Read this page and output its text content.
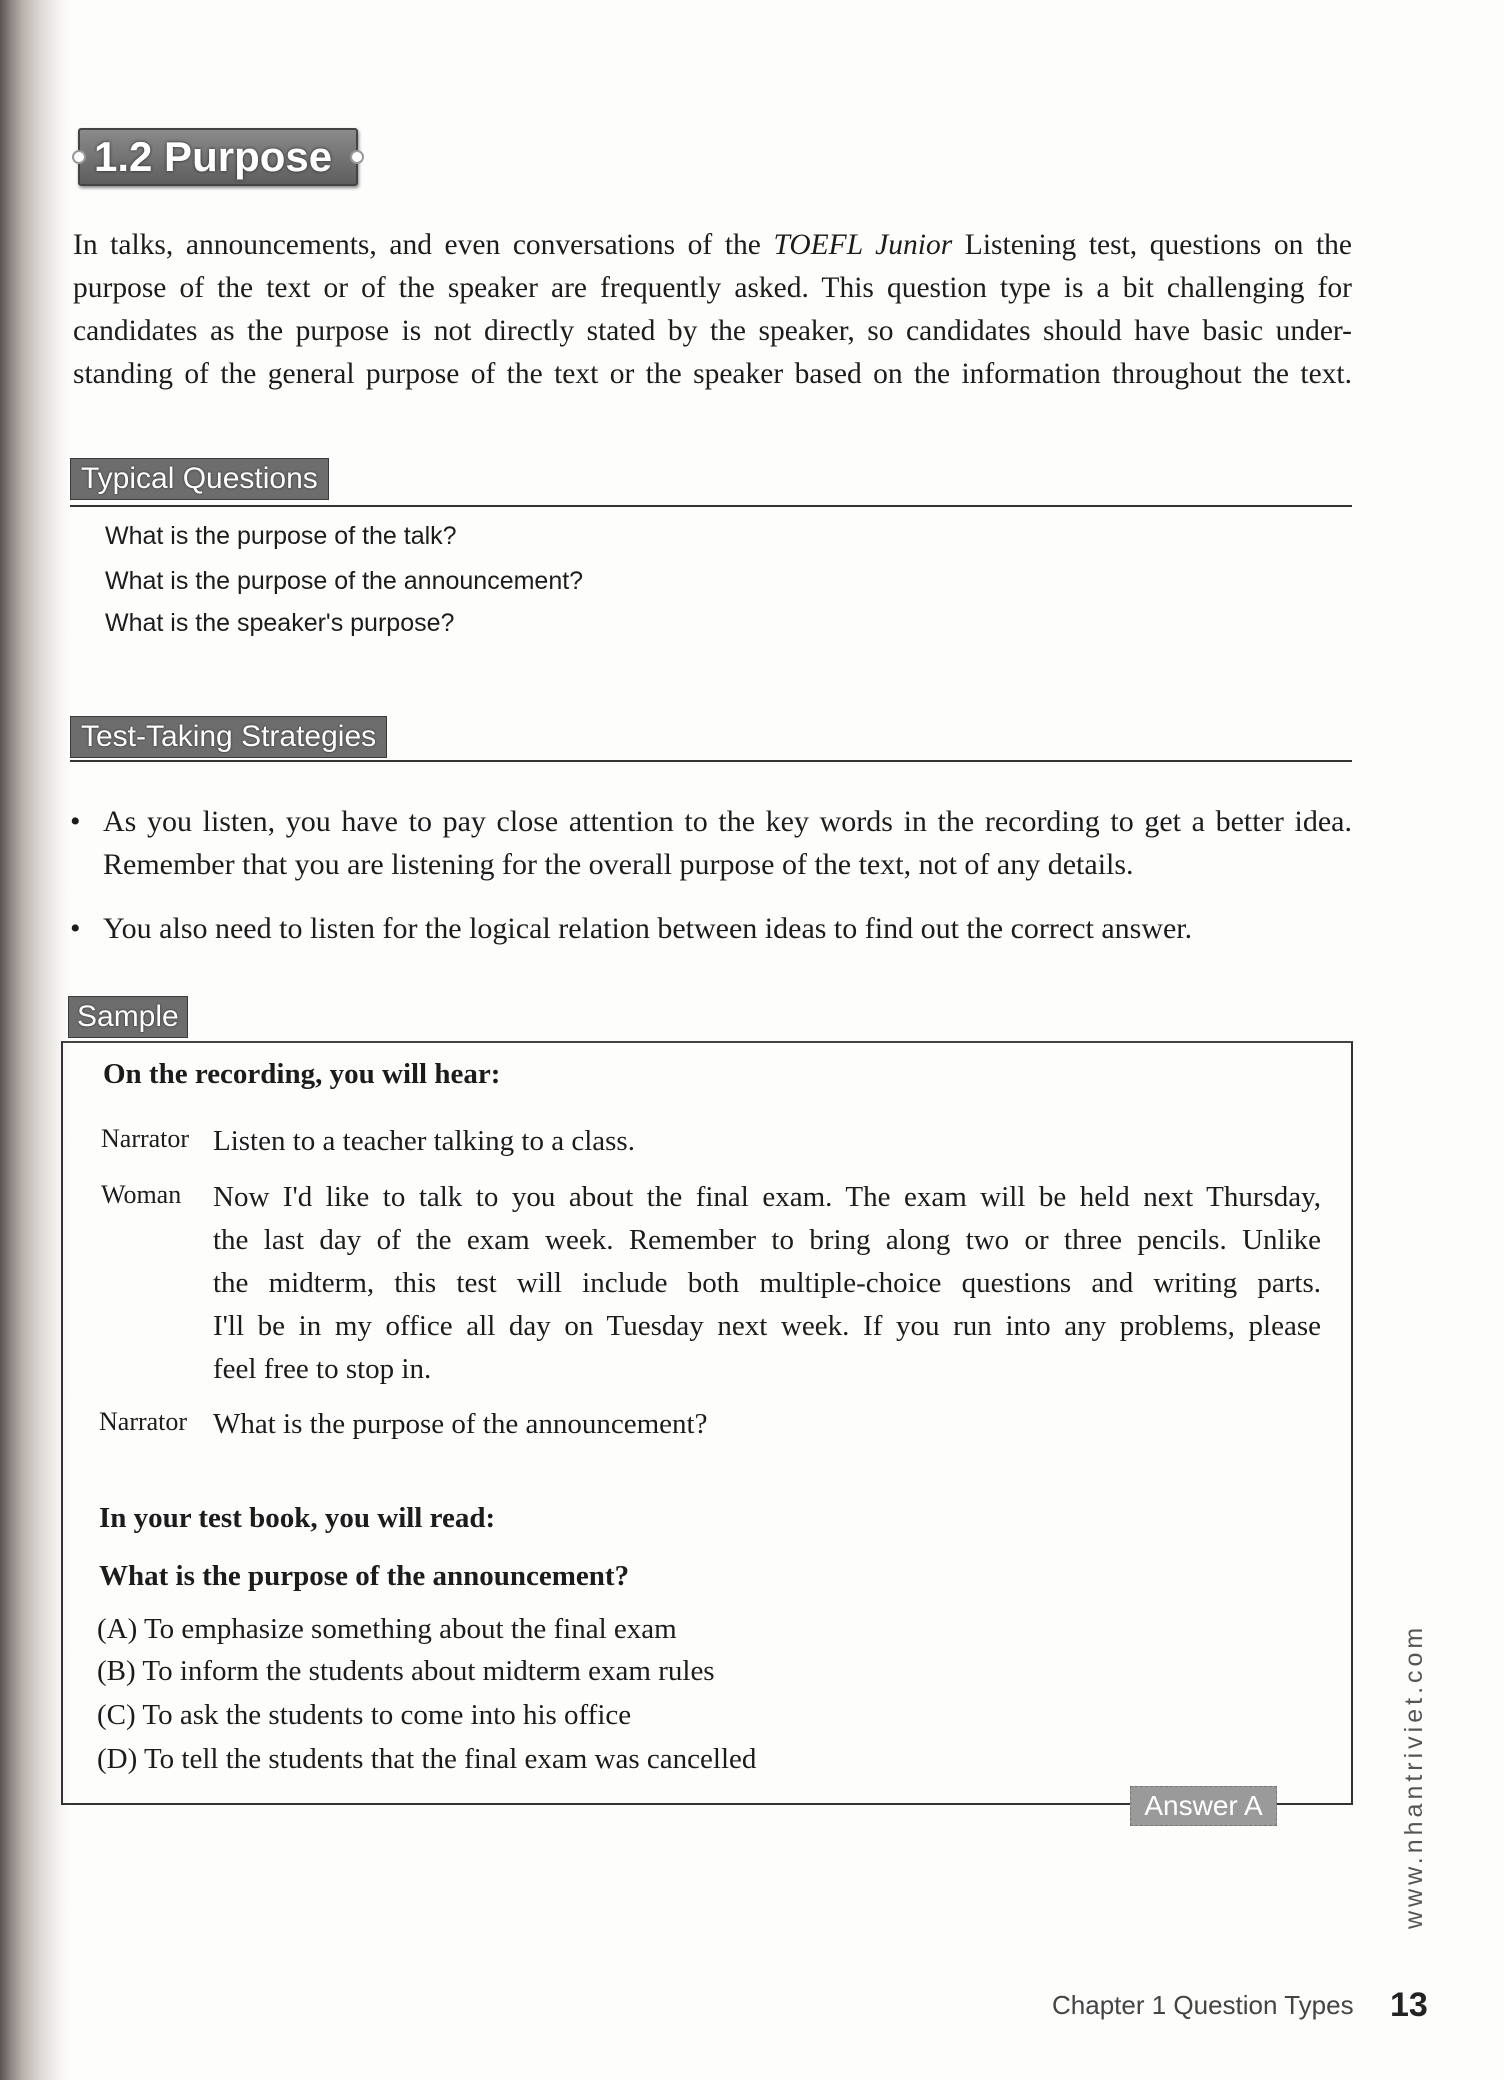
1.2 Purpose
In talks, announcements, and even conversations of the TOEFL Junior Listening test, questions on the
purpose of the text or of the speaker are frequently asked. This question type is a bit challenging for
candidates as the purpose is not directly stated by the speaker, so candidates should have basic under-
standing of the general purpose of the text or the speaker based on the information throughout the text.
Typical Questions
What is the purpose of the talk?
What is the purpose of the announcement?
What is the speaker's purpose?
Test-Taking Strategies
• As you listen, you have to pay close attention to the key words in the recording to get a better idea. Remember that you are listening for the overall purpose of the text, not of any details.
• You also need to listen for the logical relation between ideas to find out the correct answer.
Sample
On the recording, you will hear:
Narrator Listen to a teacher talking to a class.
Woman Now I'd like to talk to you about the final exam. The exam will be held next Thursday,
the last day of the exam week. Remember to bring along two or three pencils. Unlike
the midterm, this test will include both multiple-choice questions and writing parts.
I'll be in my office all day on Tuesday next week. If you run into any problems, please
feel free to stop in.
Narrator What is the purpose of the announcement?
In your test book, you will read:
What is the purpose of the announcement?
(A) To emphasize something about the final exam
(B) To inform the students about midterm exam rules
(C) To ask the students to come into his office
(D) To tell the students that the final exam was cancelled
Answer A	www.nhantriviet.com
Chapter 1 Question Types 13
